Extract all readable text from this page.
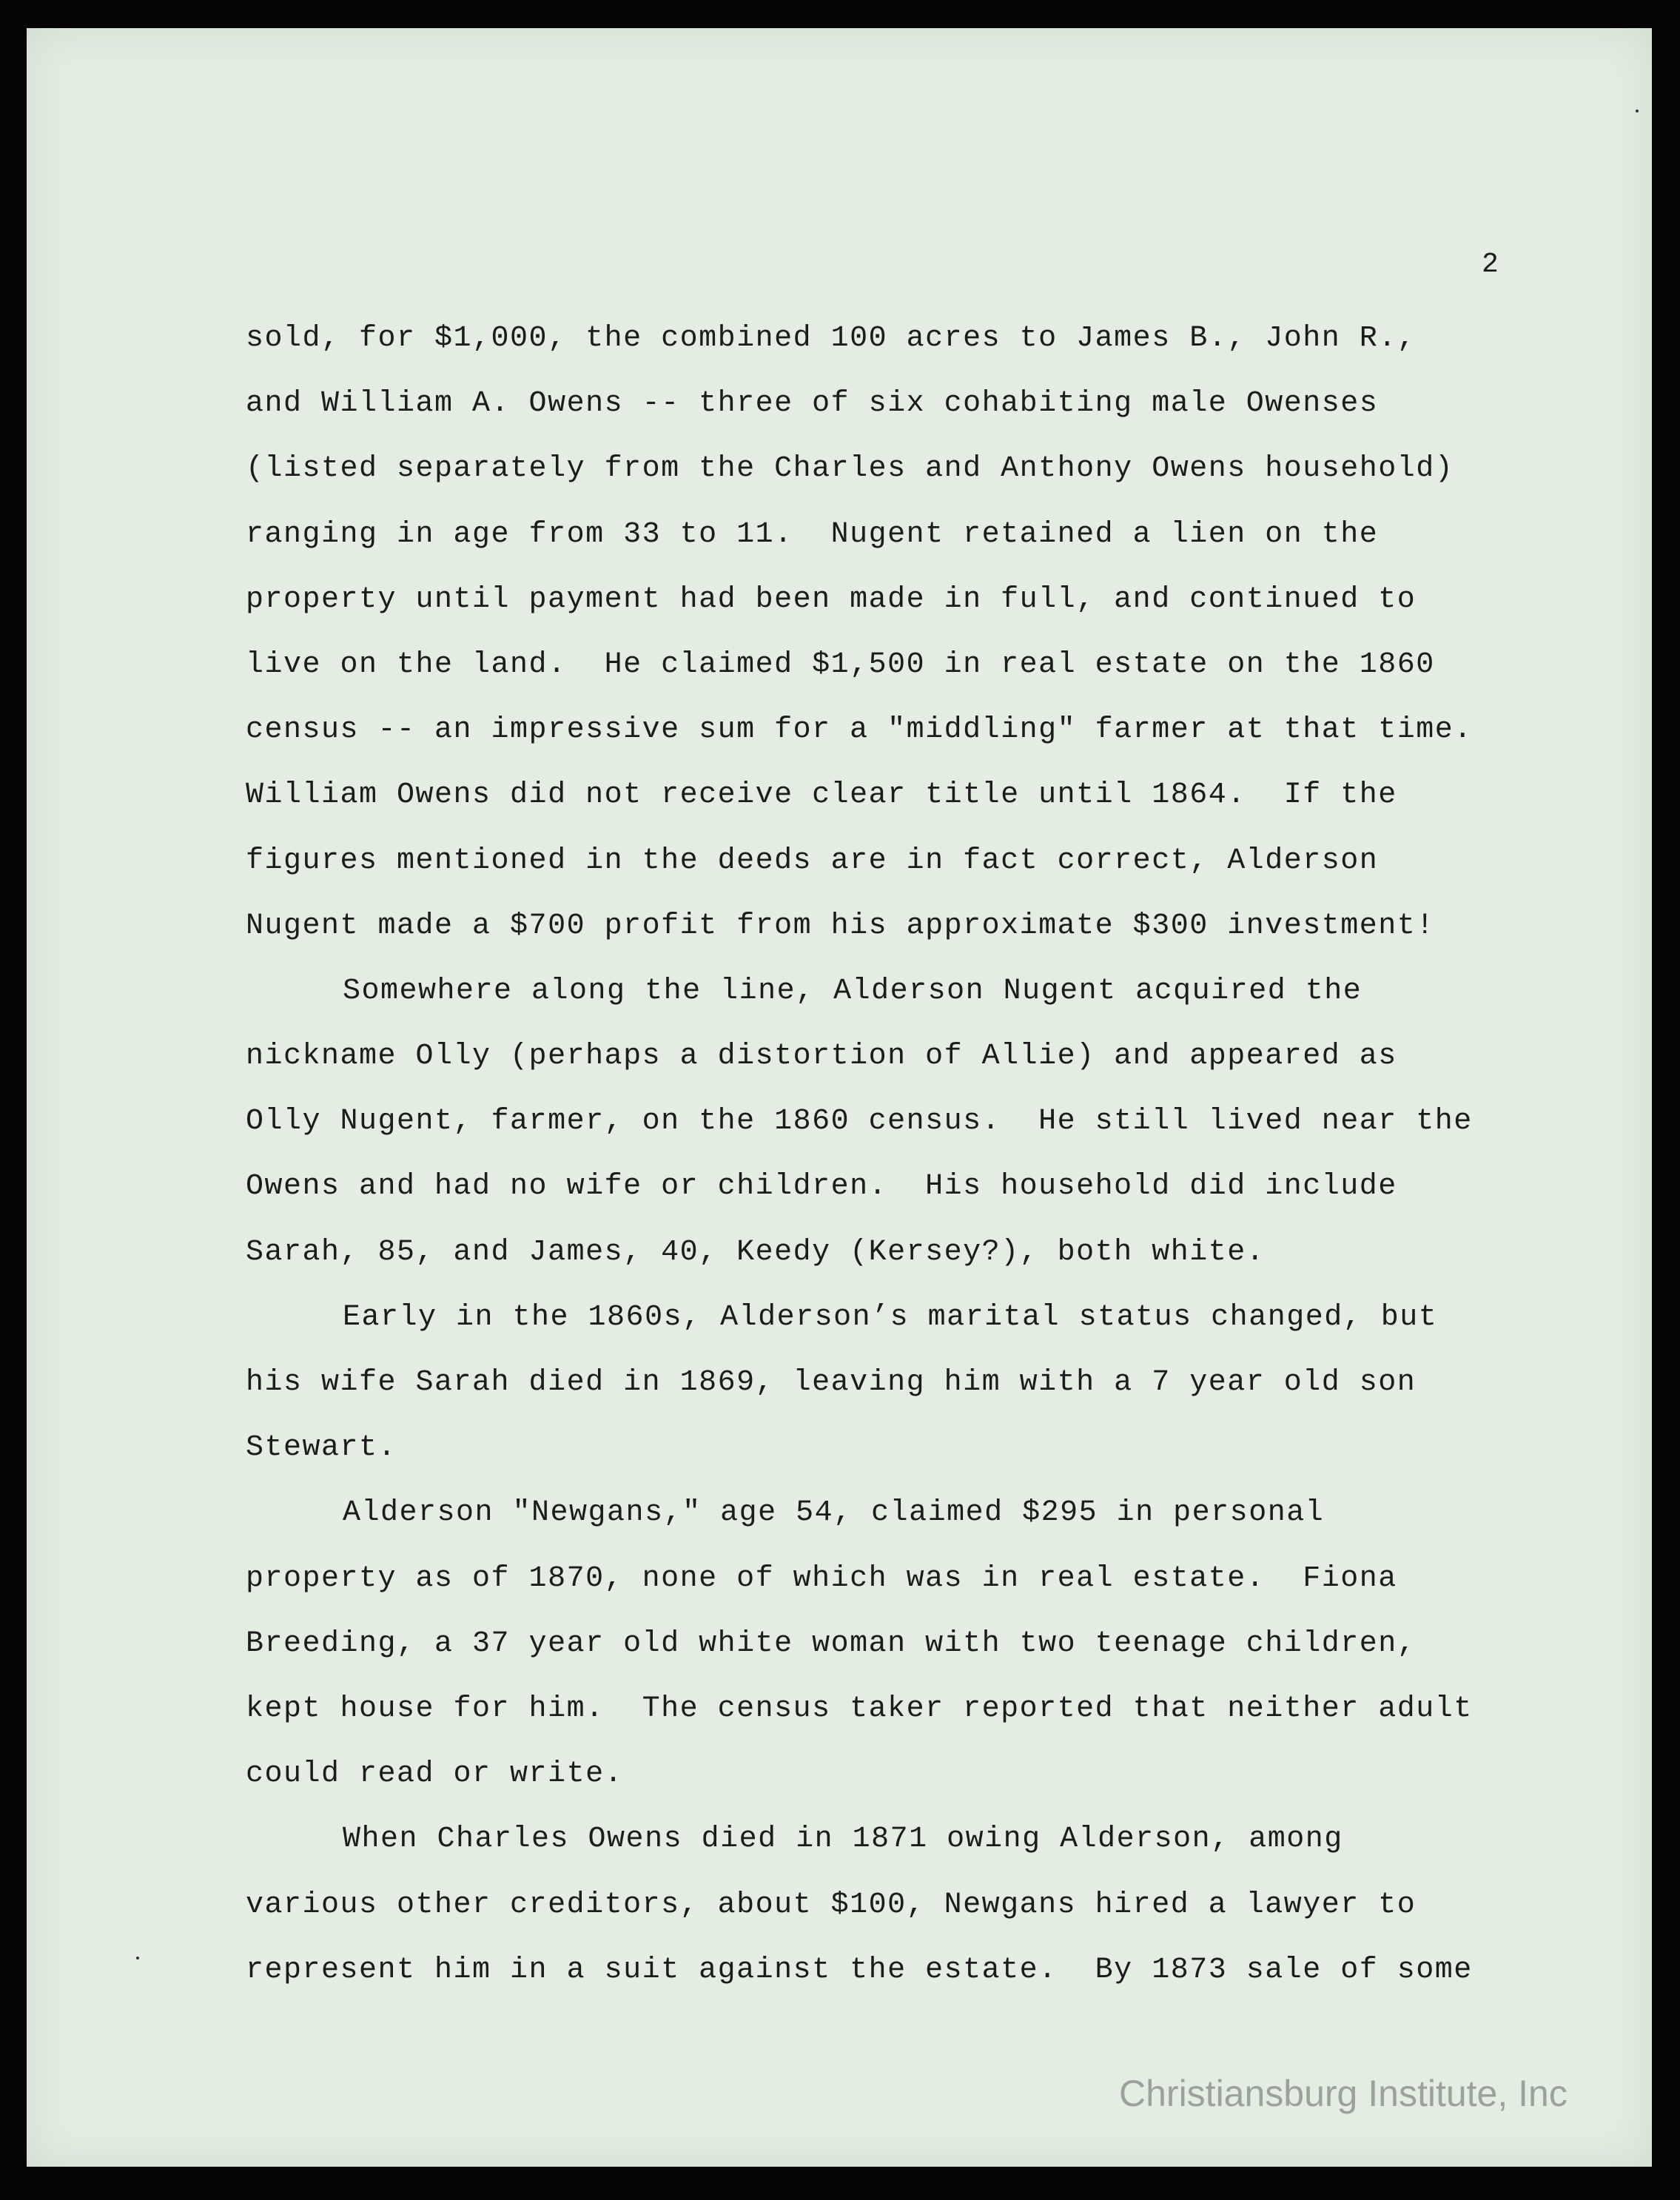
2
sold, for $1,000, the combined 100 acres to James B., John R.,
and William A. Owens -- three of six cohabiting male Owenses
(listed separately from the Charles and Anthony Owens household)
ranging in age from 33 to 11.  Nugent retained a lien on the
property until payment had been made in full, and continued to
live on the land.  He claimed $1,500 in real estate on the 1860
census -- an impressive sum for a "middling" farmer at that time.
William Owens did not receive clear title until 1864.  If the
figures mentioned in the deeds are in fact correct, Alderson
Nugent made a $700 profit from his approximate $300 investment!
Somewhere along the line, Alderson Nugent acquired the
nickname Olly (perhaps a distortion of Allie) and appeared as
Olly Nugent, farmer, on the 1860 census.  He still lived near the
Owens and had no wife or children.  His household did include
Sarah, 85, and James, 40, Keedy (Kersey?), both white.
Early in the 1860s, Alderson’s marital status changed, but
his wife Sarah died in 1869, leaving him with a 7 year old son
Stewart.
Alderson "Newgans," age 54, claimed $295 in personal
property as of 1870, none of which was in real estate.  Fiona
Breeding, a 37 year old white woman with two teenage children,
kept house for him.  The census taker reported that neither adult
could read or write.
When Charles Owens died in 1871 owing Alderson, among
various other creditors, about $100, Newgans hired a lawyer to
represent him in a suit against the estate.  By 1873 sale of some
Christiansburg Institute, Inc
